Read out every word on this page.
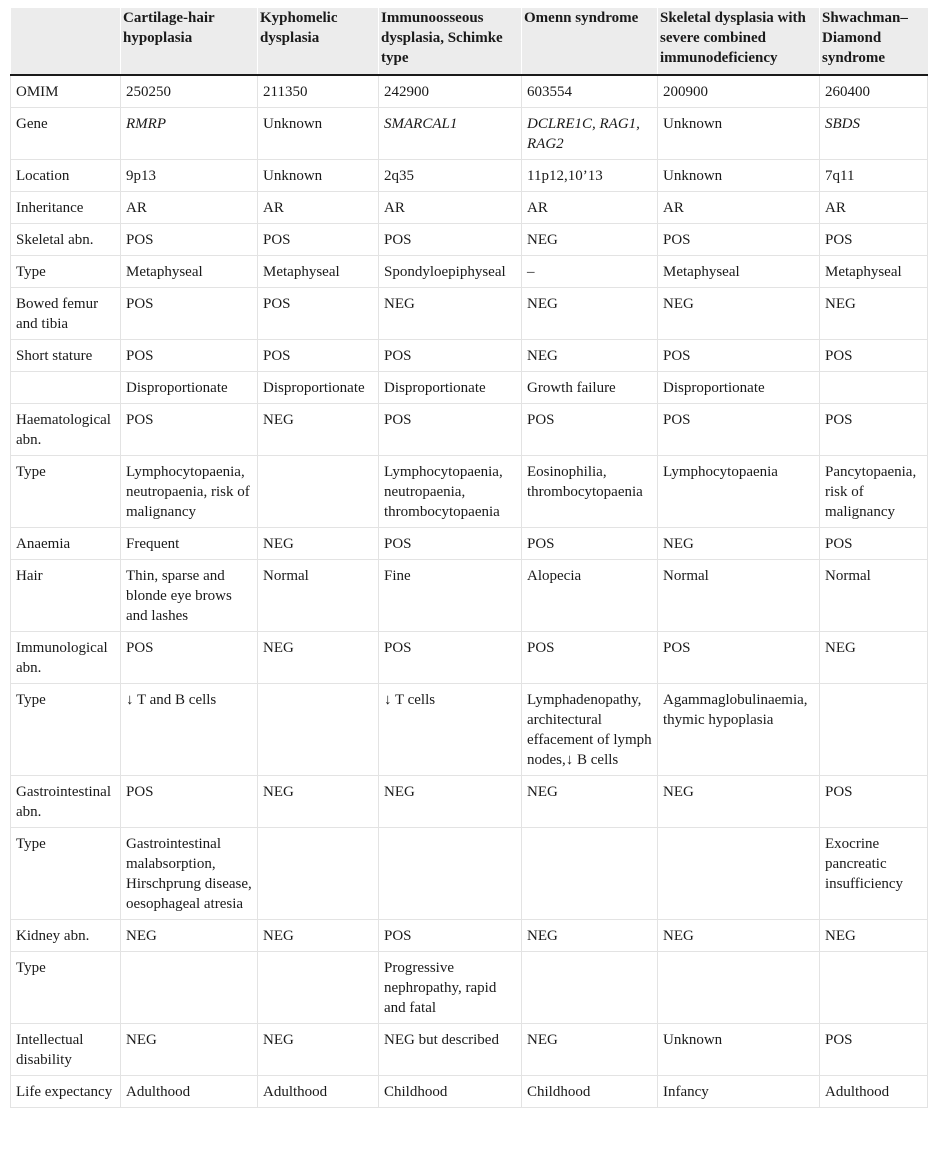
	Cartilage-hair hypoplasia	Kyphomelic dysplasia	Immunoosseous dysplasia, Schimke type	Omenn syndrome	Skeletal dysplasia with severe combined immunodeficiency	Shwachman–Diamond syndrome
OMIM	250250	211350	242900	603554	200900	260400
Gene	RMRP	Unknown	SMARCAL1	DCLRE1C, RAG1, RAG2	Unknown	SBDS
Location	9p13	Unknown	2q35	11p12,10’13	Unknown	7q11
Inheritance	AR	AR	AR	AR	AR	AR
Skeletal abn.	POS	POS	POS	NEG	POS	POS
Type	Metaphyseal	Metaphyseal	Spondyloepiphyseal	–	Metaphyseal	Metaphyseal
Bowed femur and tibia	POS	POS	NEG	NEG	NEG	NEG
Short stature	POS	POS	POS	NEG	POS	POS
	Disproportionate	Disproportionate	Disproportionate	Growth failure	Disproportionate	
Haematological abn.	POS	NEG	POS	POS	POS	POS
Type	Lymphocytopaenia, neutropaenia, risk of malignancy		Lymphocytopaenia, neutropaenia, thrombocytopaenia	Eosinophilia, thrombocytopaenia	Lymphocytopaenia	Pancytopaenia, risk of malignancy
Anaemia	Frequent	NEG	POS	POS	NEG	POS
Hair	Thin, sparse and blonde eye brows and lashes	Normal	Fine	Alopecia	Normal	Normal
Immunological abn.	POS	NEG	POS	POS	POS	NEG
Type	↓ T and B cells		↓ T cells	Lymphadenopathy, architectural effacement of lymph nodes,↓ B cells	Agammaglobulinaemia, thymic hypoplasia	
Gastrointestinal abn.	POS	NEG	NEG	NEG	NEG	POS
Type	Gastrointestinal malabsorption, Hirschprung disease, oesophageal atresia					Exocrine pancreatic insufficiency
Kidney abn.	NEG	NEG	POS	NEG	NEG	NEG
Type			Progressive nephropathy, rapid and fatal			
Intellectual disability	NEG	NEG	NEG but described	NEG	Unknown	POS
Life expectancy	Adulthood	Adulthood	Childhood	Childhood	Infancy	Adulthood
